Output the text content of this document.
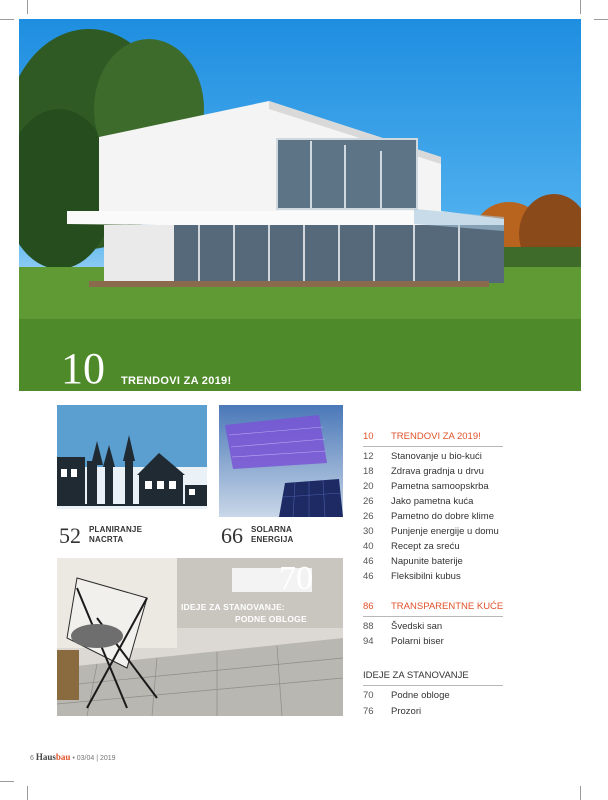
10 TRENDOVI ZA 2019!
52 PLANIRANJE
NACRTA	66 SOLARNA
ENERGIJA
70
IDEJE ZA STANOVANJE:
PODNE OBLOGE
10 TRENDOVI ZA 2019!
12 Stanovanje u bio-kući
18 Zdrava gradnja u drvu
20 Pametna samoopskrba
26 Jako pametna kuća
26 Pametno do dobre klime
30 Punjenje energije u domu
40 Recept za sreću
46 Napunite baterije
46 Fleksibilni kubus
86 TRANSPARENTNE KUĆE
88 Švedski san
94 Polarni biser
IDEJE ZA STANOVANJE
70 Podne obloge
76 Prozori
6 Hausbau • 03/04 | 2019
